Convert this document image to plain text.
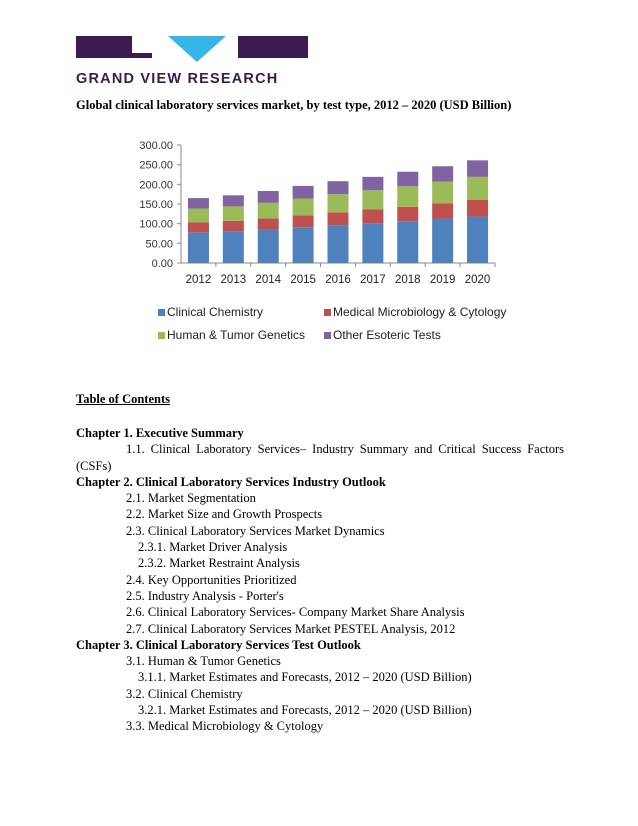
GRAND VIEW RESEARCH
Global clinical laboratory services market, by test type, 2012 – 2020 (USD Billion)
0.00
50.00
100.00
150.00
200.00
250.00
300.00
2012 2013 2014 2015 2016 2017 2018 2019 2020
Clinical Chemistry	Medical Microbiology & Cytology
Human & Tumor Genetics Other Esoteric Tests
Table of Contents
Chapter 1. Executive Summary
1.1. Clinical Laboratory Services– Industry Summary and Critical Success Factors
(CSFs)
Chapter 2. Clinical Laboratory Services Industry Outlook
2.1. Market Segmentation
2.2. Market Size and Growth Prospects
2.3. Clinical Laboratory Services Market Dynamics
2.3.1. Market Driver Analysis
2.3.2. Market Restraint Analysis
2.4. Key Opportunities Prioritized
2.5. Industry Analysis - Porter's
2.6. Clinical Laboratory Services- Company Market Share Analysis
2.7. Clinical Laboratory Services Market PESTEL Analysis, 2012
Chapter 3. Clinical Laboratory Services Test Outlook
3.1. Human & Tumor Genetics
3.1.1. Market Estimates and Forecasts, 2012 – 2020 (USD Billion)
3.2. Clinical Chemistry
3.2.1. Market Estimates and Forecasts, 2012 – 2020 (USD Billion)
3.3. Medical Microbiology & Cytology
